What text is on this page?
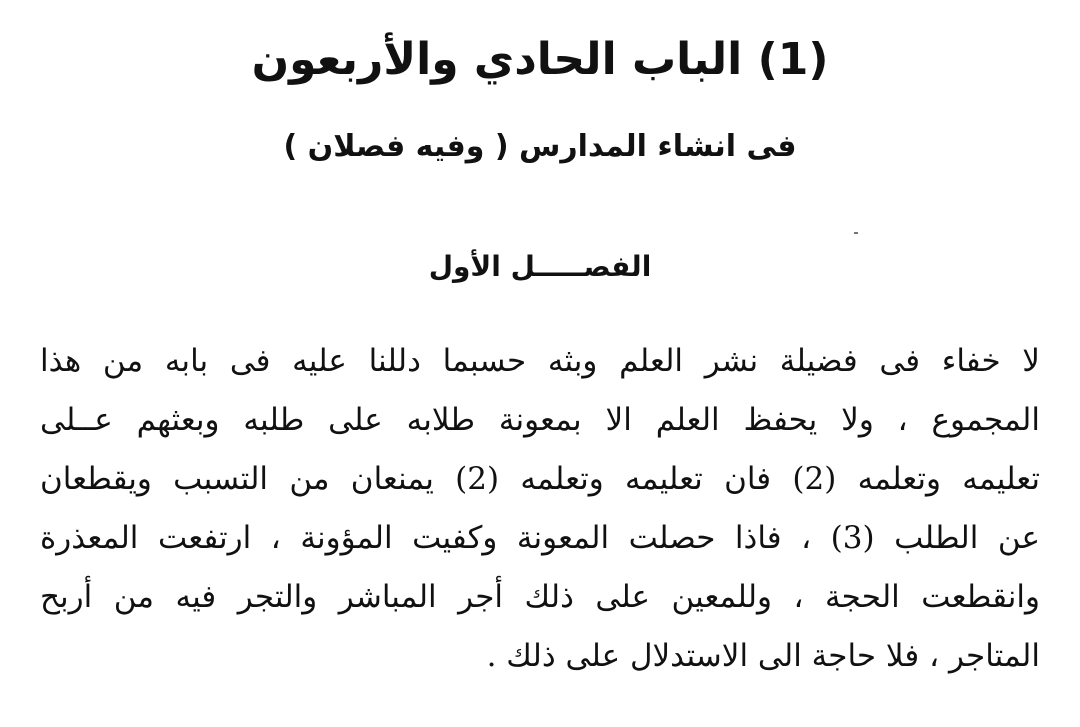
(1) الباب الحادي والأربعون
فى انشاء المدارس ( وفيه فصلان )
الفصـــــل الأول
لا خفاء فى فضيلة نشر العلم وبثه حسبما دللنا عليه فى بابه من هذا
المجموع ، ولا يحفظ العلم الا بمعونة طلابه على طلبه وبعثهم عــلى
تعليمه وتعلمه (2) فان تعليمه وتعلمه (2) يمنعان من التسبب ويقطعان
عن الطلب (3) ، فاذا حصلت المعونة وكفيت المؤونة ، ارتفعت المعذرة
وانقطعت الحجة ، وللمعين على ذلك أجر المباشر والتجر فيه من أربح
المتاجر ، فلا حاجة الى الاستدلال على ذلك .
